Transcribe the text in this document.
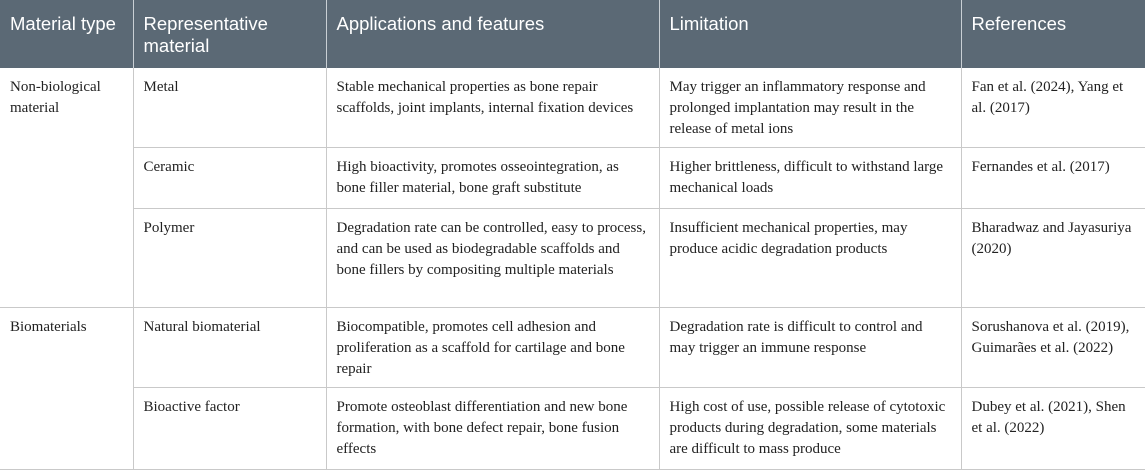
Material type	Representative material	Applications and features	Limitation	References
Non-biological material	Metal	Stable mechanical properties as bone repair scaffolds, joint implants, internal fixation devices	May trigger an inflammatory response and prolonged implantation may result in the release of metal ions	Fan et al. (2024), Yang et al. (2017)
	Ceramic	High bioactivity, promotes osseointegration, as bone filler material, bone graft substitute	Higher brittleness, difficult to withstand large mechanical loads	Fernandes et al. (2017)
	Polymer	Degradation rate can be controlled, easy to process, and can be used as biodegradable scaffolds and bone fillers by compositing multiple materials	Insufficient mechanical properties, may produce acidic degradation products	Bharadwaz and Jayasuriya (2020)
Biomaterials	Natural biomaterial	Biocompatible, promotes cell adhesion and proliferation as a scaffold for cartilage and bone repair	Degradation rate is difficult to control and may trigger an immune response	Sorushanova et al. (2019), Guimarães et al. (2022)
	Bioactive factor	Promote osteoblast differentiation and new bone formation, with bone defect repair, bone fusion effects	High cost of use, possible release of cytotoxic products during degradation, some materials are difficult to mass produce	Dubey et al. (2021), Shen et al. (2022)
